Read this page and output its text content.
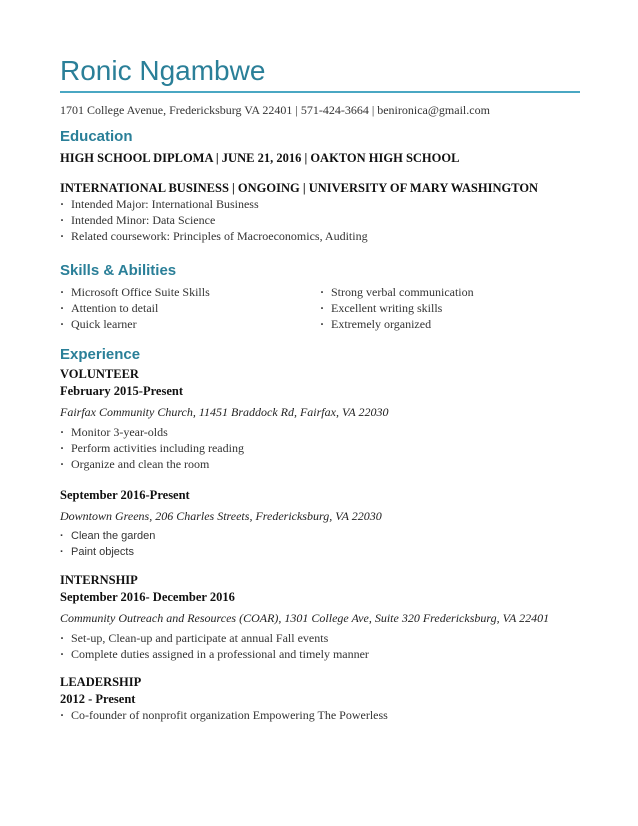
Ronic Ngambwe
1701 College Avenue, Fredericksburg VA 22401 | 571-424-3664 | benironica@gmail.com
Education
HIGH SCHOOL DIPLOMA | JUNE 21, 2016 | OAKTON HIGH SCHOOL
INTERNATIONAL BUSINESS | ONGOING | UNIVERSITY OF MARY WASHINGTON
· Intended Major: International Business
· Intended Minor: Data Science
· Related coursework: Principles of Macroeconomics, Auditing
Skills & Abilities
· Microsoft Office Suite Skills
· Attention to detail
· Quick learner
· Strong verbal communication
· Excellent writing skills
· Extremely organized
Experience
VOLUNTEER
February 2015-Present
Fairfax Community Church, 11451 Braddock Rd, Fairfax, VA 22030
· Monitor 3-year-olds
· Perform activities including reading
· Organize and clean the room
September 2016-Present
Downtown Greens, 206 Charles Streets, Fredericksburg, VA 22030
· Clean the garden
· Paint objects
INTERNSHIP
September 2016- December 2016
Community Outreach and Resources (COAR), 1301 College Ave, Suite 320 Fredericksburg, VA 22401
· Set-up, Clean-up and participate at annual Fall events
· Complete duties assigned in a professional and timely manner
LEADERSHIP
2012 - Present
· Co-founder of nonprofit organization Empowering The Powerless
